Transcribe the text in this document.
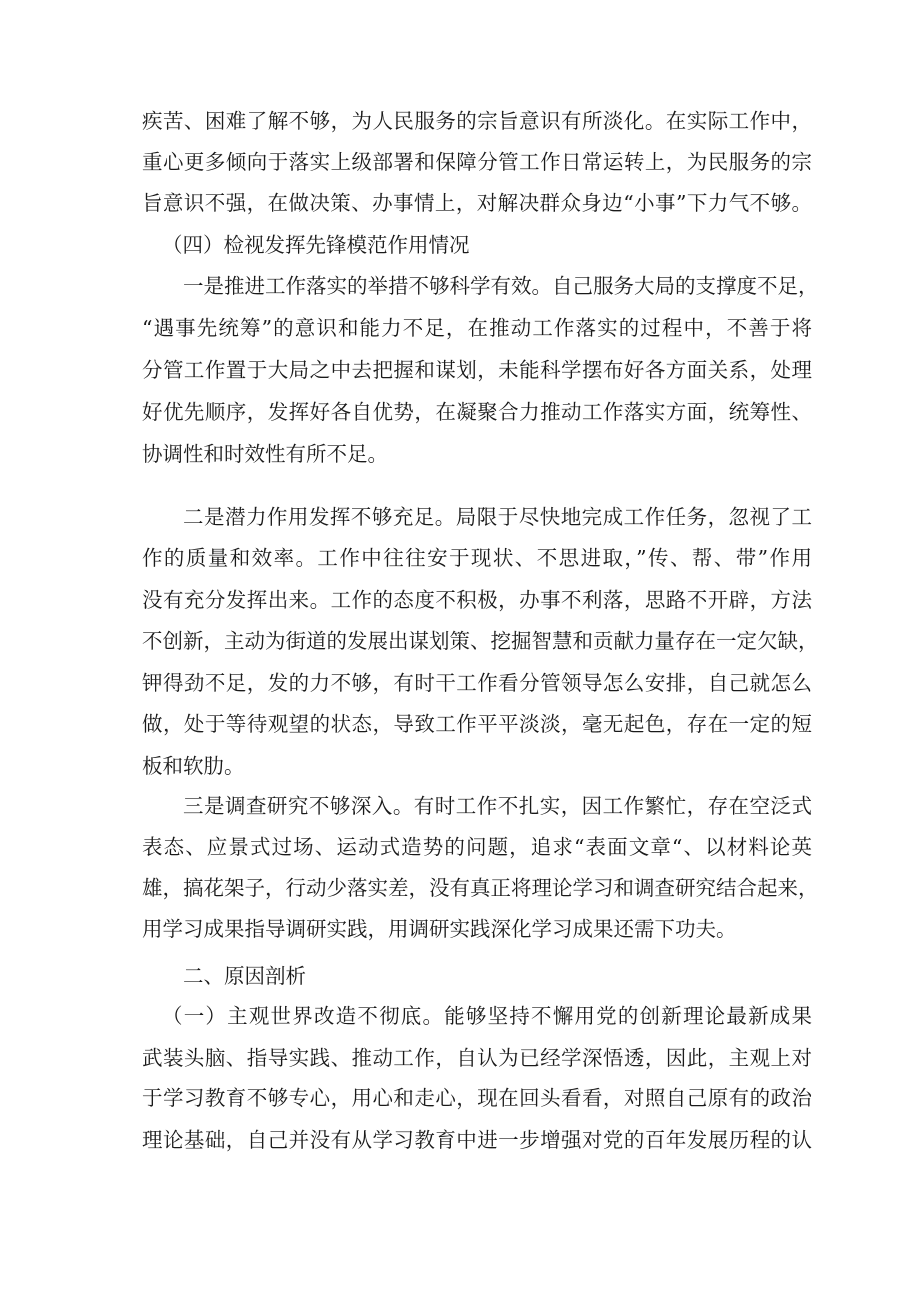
疾苦、困难了解不够，为人民服务的宗旨意识有所淡化。在实际工作中，
重心更多倾向于落实上级部署和保障分管工作日常运转上，为民服务的宗
旨意识不强，在做决策、办事情上，对解决群众身边“小事”下力气不够。
（四）检视发挥先锋模范作用情况
一是推进工作落实的举措不够科学有效。自己服务大局的支撑度不足，
“遇事先统筹”的意识和能力不足，在推动工作落实的过程中，不善于将
分管工作置于大局之中去把握和谋划，未能科学摆布好各方面关系，处理
好优先顺序，发挥好各自优势，在凝聚合力推动工作落实方面，统筹性、
协调性和时效性有所不足。
二是潜力作用发挥不够充足。局限于尽快地完成工作任务，忽视了工
作的质量和效率。工作中往往安于现状、不思进取，”传、帮、带”作用
没有充分发挥出来。工作的态度不积极，办事不利落，思路不开辟，方法
不创新，主动为街道的发展出谋划策、挖掘智慧和贡献力量存在一定欠缺，
钾得劲不足，发的力不够，有时干工作看分管领导怎么安排，自己就怎么
做，处于等待观望的状态，导致工作平平淡淡，毫无起色，存在一定的短
板和软肋。
三是调查研究不够深入。有时工作不扎实，因工作繁忙，存在空泛式
表态、应景式过场、运动式造势的问题，追求“表面文章“、以材料论英
雄，搞花架子，行动少落实差，没有真正将理论学习和调查研究结合起来，
用学习成果指导调研实践，用调研实践深化学习成果还需下功夫。
二、原因剖析
（一）主观世界改造不彻底。能够坚持不懈用党的创新理论最新成果
武装头脑、指导实践、推动工作，自认为已经学深悟透，因此，主观上对
于学习教育不够专心，用心和走心，现在回头看看，对照自己原有的政治
理论基础，自己并没有从学习教育中进一步增强对党的百年发展历程的认
